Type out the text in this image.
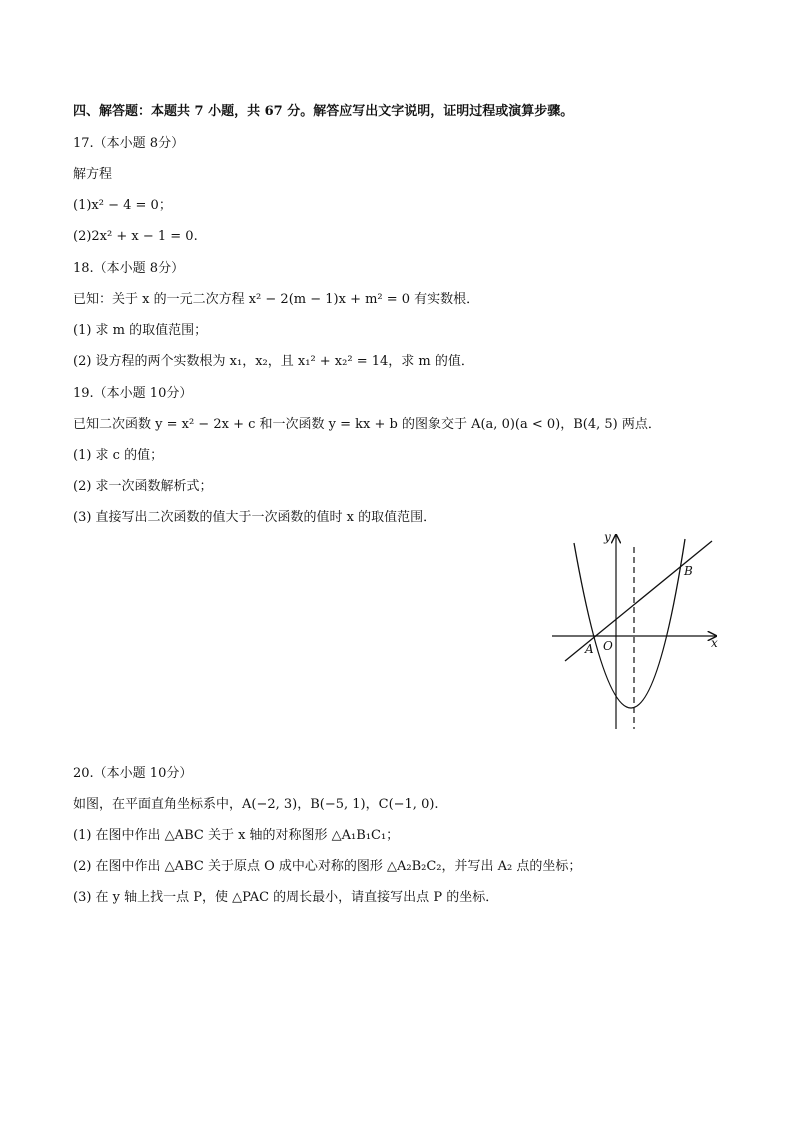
四、解答题：本题共 7 小题，共 67 分。解答应写出文字说明，证明过程或演算步骤。
17.（本小题 8分）
解方程
(1)x² − 4 = 0；
(2)2x² + x − 1 = 0.
18.（本小题 8分）
已知：关于 x 的一元二次方程 x² − 2(m − 1)x + m² = 0 有实数根．
(1) 求 m 的取值范围；
(2) 设方程的两个实数根为 x₁，x₂，且 x₁² + x₂² = 14，求 m 的值．
19.（本小题 10分）
已知二次函数 y = x² − 2x + c 和一次函数 y = kx + b 的图象交于 A(a, 0)(a < 0)，B(4, 5) 两点．
(1) 求 c 的值；
(2) 求一次函数解析式；
(3) 直接写出二次函数的值大于一次函数的值时 x 的取值范围．
y
x
B
A O
20.（本小题 10分）
如图，在平面直角坐标系中，A(−2, 3)，B(−5, 1)，C(−1, 0).
(1) 在图中作出 △ABC 关于 x 轴的对称图形 △A₁B₁C₁；
(2) 在图中作出 △ABC 关于原点 O 成中心对称的图形 △A₂B₂C₂，并写出 A₂ 点的坐标；
(3) 在 y 轴上找一点 P，使 △PAC 的周长最小，请直接写出点 P 的坐标．
